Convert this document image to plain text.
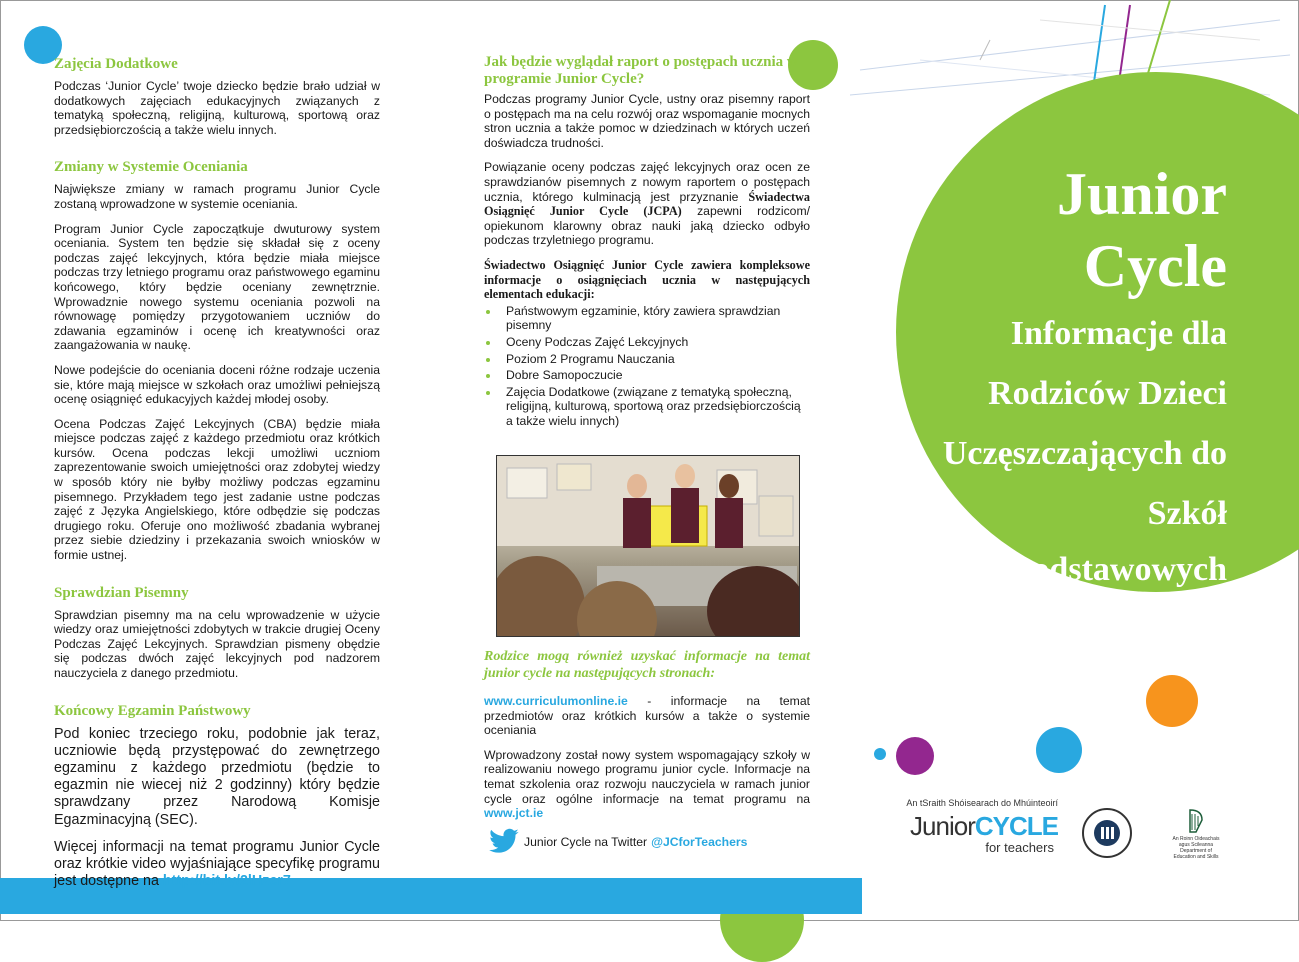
Zajęcia Dodatkowe

Podczas ‘Junior Cycle’ twoje dziecko będzie brało udział w dodatkowych zajęciach edukacyjnych związanych z tematyką społeczną, religijną, kulturową, sportową oraz przedsiębiorczością a także wielu innych.

Zmiany w Systemie Oceniania

Największe zmiany w ramach programu Junior Cycle zostaną wprowadzone w systemie oceniania.

Program Junior Cycle zapoczątkuje dwuturowy system oceniania. System ten będzie się składał się z oceny podczas zajęć lekcyjnych, która będzie miała miejsce podczas trzy letniego programu oraz państwowego egaminu końcowego, który będzie oceniany zewnętrznie. Wprowadznie nowego systemu oceniania pozwoli na równowagę pomiędzy przygotowaniem uczniów do zdawania egzaminów i ocenę ich kreatywności oraz zaangażowania w naukę.

Nowe podejście do oceniania doceni różne rodzaje uczenia sie, które mają miejsce w szkołach oraz umożliwi pełniejszą ocenę osiągnięć edukacyjych każdej młodej osoby.

Ocena Podczas Zajęć Lekcyjnych (CBA) będzie miała miejsce podczas zajęć z każdego przedmiotu oraz krótkich kursów. Ocena podczas lekcji umożliwi uczniom zaprezentowanie swoich umiejętności oraz zdobytej wiedzy w sposób który nie byłby możliwy podczas egzaminu pisemnego. Przykładem tego jest zadanie ustne podczas zajęć z Języka Angielskiego, które odbędzie się podczas drugiego roku. Oferuje ono możliwość zbadania wybranej przez siebie dziedziny i przekazania swoich wniosków w formie ustnej.

Sprawdzian Pisemny

Sprawdzian pisemny ma na celu wprowadzenie w użycie wiedzy oraz umiejętności zdobytych w trakcie drugiej Oceny Podczas Zajęć Lekcyjnych. Sprawdzian pismeny obędzie się podczas dwóch zajęć lekcyjnych pod nadzorem nauczyciela z danego przedmiotu.

Końcowy Egzamin Państwowy

Pod koniec trzeciego roku, podobnie jak teraz, uczniowie będą przystępować do zewnętrzego egzaminu z każdego przedmiotu (będzie to egazmin nie wiecej niż 2 godzinny) który będzie sprawdzany przez Narodową Komisje Egazminacyjną (SEC).

Więcej informacji na temat programu Junior Cycle oraz krótkie video wyjaśniające specyfikę programu jest dostępne na http://bit.ly/2lHzcr7

Jak będzie wyglądał raport o postępach ucznia w programie Junior Cycle?

Podczas programy Junior Cycle, ustny oraz pisemny raport o postępach ma na celu rozwój oraz wspomaganie mocnych stron ucznia a także pomoc w dziedzinach w których uczeń doświadcza trudności.

Powiązanie oceny podczas zajęć lekcyjnych oraz ocen ze sprawdzianów pisemnych z nowym raportem o postępach ucznia, którego kulminacją jest przyznanie Świadectwa Osiągnięć Junior Cycle (JCPA) zapewni rodzicom/ opiekunom klarowny obraz nauki jaką dziecko odbyło podczas trzyletniego programu.

Świadectwo Osiągnięć Junior Cycle zawiera kompleksowe informacje o osiągnięciach ucznia w następujących elementach edukacji:

Państwowym egzaminie, który zawiera sprawdzian pisemny
Oceny Podczas Zajęć Lekcyjnych
Poziom 2 Programu Nauczania
Dobre Samopoczucie
Zajęcia Dodatkowe (związane z tematyką społeczną, religijną, kulturową, sportową oraz przedsiębiorczością a także wielu innych)

Rodzice mogą również uzyskać informacje na temat junior cycle na następujących stronach:

www.curriculumonline.ie - informacje na temat przedmiotów oraz krótkich kursów a także o systemie oceniania

Wprowadzony został nowy system wspomagający szkoły w realizowaniu nowego programu junior cycle. Informacje na temat szkolenia oraz rozwoju nauczyciela w ramach junior cycle oraz ogólne informacje na temat programu na www.jct.ie

Junior Cycle na Twitter @JCforTeachers
Junior
Cycle
Informacje dla
Rodziców Dzieci
Uczęszczających do
Szkół
Podstawowych
An tSraith Shóisearach do Mhúinteoirí
JuniorCYCLE
for teachers
An Roinn Oideachais
agus Scileanna
Department of
Education and Skills
